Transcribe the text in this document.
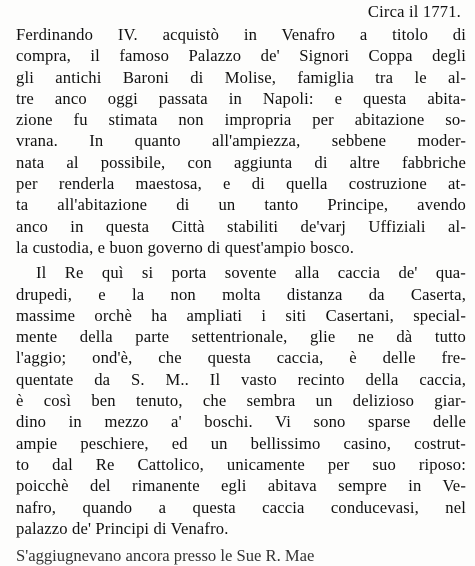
Circa il 1771.
Ferdinando IV. acquistò in Venafro a titolo di
compra, il famoso Palazzo de' Signori Coppa degli
gli antichi Baroni di Molise, famiglia tra le al-
tre anco oggi passata in Napoli: e questa abita-
zione fu stimata non impropria per abitazione so-
vrana. In quanto all'ampiezza, sebbene moder-
nata al possibile, con aggiunta di altre fabbriche
per renderla maestosa, e di quella costruzione at-
ta all'abitazione di un tanto Principe, avendo
anco in questa Città stabiliti de'varj Uffiziali al-
la custodia, e buon governo di quest'ampio bosco.
Il Re quì si porta sovente alla caccia de' qua-
drupedi, e la non molta distanza da Caserta,
massime orchè ha ampliati i siti Casertani, special-
mente della parte settentrionale, glie ne dà tutto
l'aggio; ond'è, che questa caccia, è delle fre-
quentate da S. M.. Il vasto recinto della caccia,
è così ben tenuto, che sembra un delizioso giar-
dino in mezzo a' boschi. Vi sono sparse delle
ampie peschiere, ed un bellissimo casino, costrut-
to dal Re Cattolico, unicamente per suo riposo:
poicchè del rimanente egli abitava sempre in Ve-
nafro, quando a questa caccia conducevasi, nel
palazzo de' Principi di Venafro.
S'aggiugnevano ancora presso le Sue R. Mae
